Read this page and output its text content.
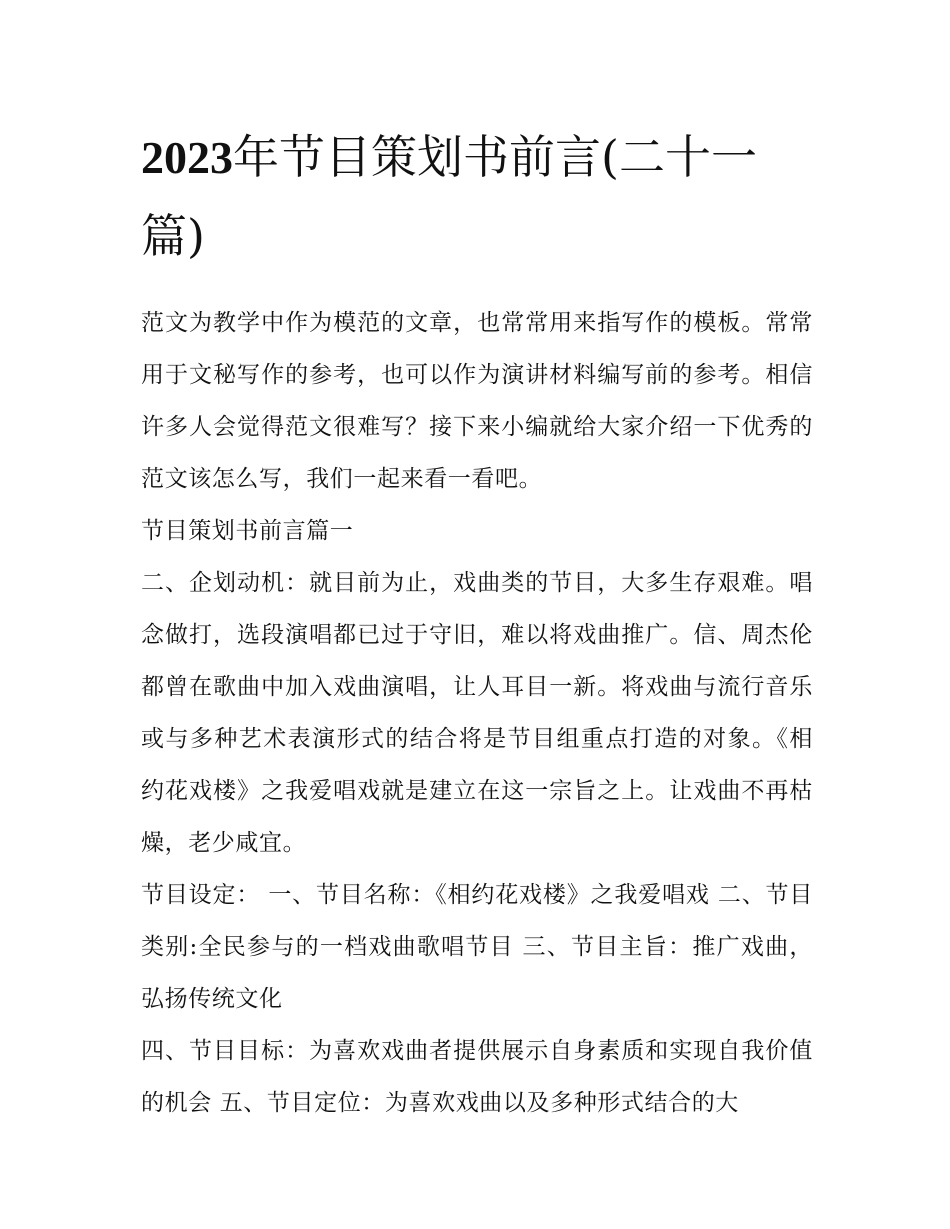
2023年节目策划书前言(二十一篇)

范文为教学中作为模范的文章，也常常用来指写作的模板。常常用于文秘写作的参考，也可以作为演讲材料编写前的参考。相信许多人会觉得范文很难写？接下来小编就给大家介绍一下优秀的范文该怎么写，我们一起来看一看吧。

节目策划书前言篇一

二、企划动机：就目前为止，戏曲类的节目，大多生存艰难。唱念做打，选段演唱都已过于守旧，难以将戏曲推广。信、周杰伦都曾在歌曲中加入戏曲演唱，让人耳目一新。将戏曲与流行音乐或与多种艺术表演形式的结合将是节目组重点打造的对象。《相约花戏楼》之我爱唱戏就是建立在这一宗旨之上。让戏曲不再枯燥，老少咸宜。

节目设定： 一、节目名称：《相约花戏楼》之我爱唱戏 二、节目类别:全民参与的一档戏曲歌唱节目 三、节目主旨：推广戏曲，弘扬传统文化

四、节目目标：为喜欢戏曲者提供展示自身素质和实现自我价值的机会 五、节目定位：为喜欢戏曲以及多种形式结合的大
